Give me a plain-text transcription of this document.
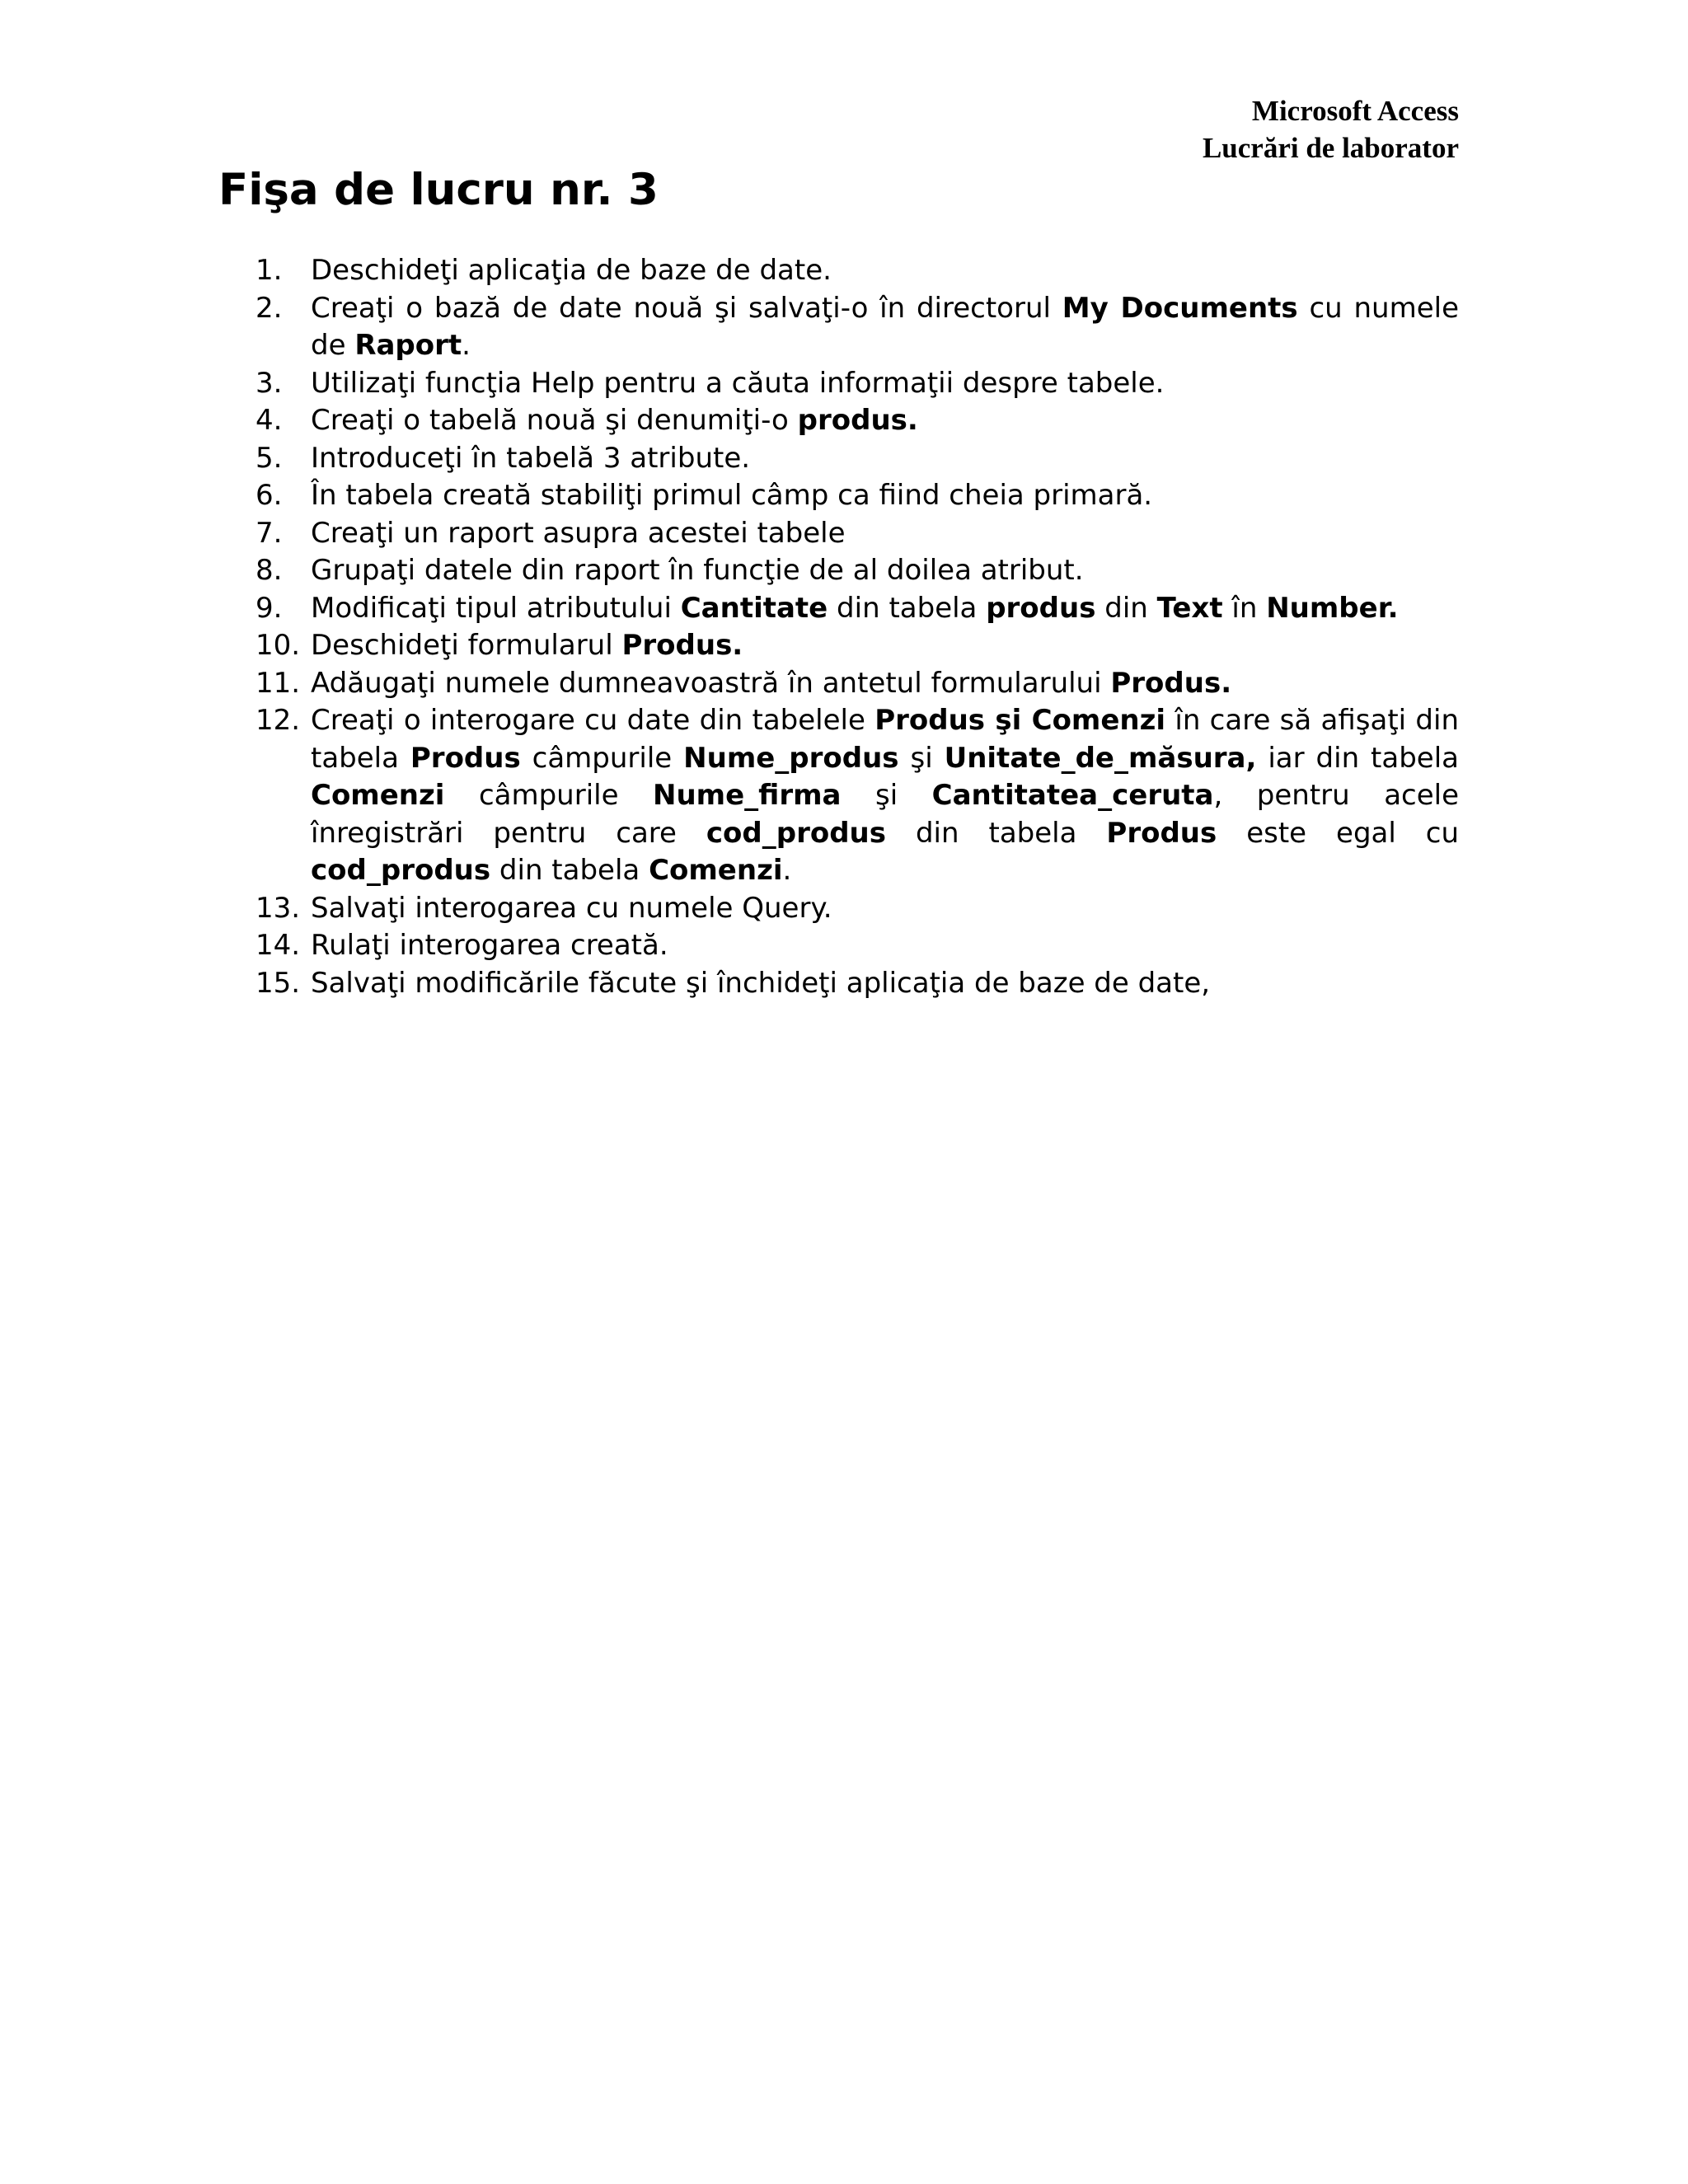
Microsoft Access
Lucrări de laborator
Fişa de lucru nr. 3
1.	Deschideţi aplicaţia de baze de date.
2.	Creaţi o bază de date nouă şi salvaţi-o în directorul My Documents cu numele de Raport.
3.	Utilizaţi funcţia Help pentru a căuta informaţii despre tabele.
4.	Creaţi o tabelă nouă şi denumiţi-o produs.
5.	Introduceţi în tabelă 3 atribute.
6.	În tabela creată stabiliţi primul câmp ca fiind cheia primară.
7.	Creaţi un raport asupra acestei tabele
8.	Grupaţi datele din raport în funcţie de al doilea atribut.
9.	Modificaţi tipul atributului Cantitate din tabela produs din Text în Number.
10. Deschideţi formularul Produs.
11. Adăugaţi numele dumneavoastră în antetul formularului Produs.
12. Creaţi o interogare cu date din tabelele Produs şi Comenzi în care să afişaţi din tabela Produs câmpurile Nume_produs şi Unitate_de_măsura, iar din tabela Comenzi câmpurile Nume_firma şi Cantitatea_ceruta, pentru acele înregistrări pentru care cod_produs din tabela Produs este egal cu cod_produs din tabela Comenzi.
13. Salvaţi interogarea cu numele Query.
14. Rulaţi interogarea creată.
15. Salvaţi modificările făcute şi închideţi aplicaţia de baze de date,
